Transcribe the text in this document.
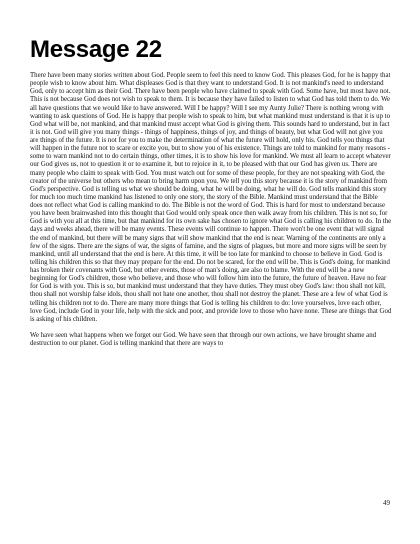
Message 22

There have been many stories written about God. People seem to feel this need to know God. This pleases God, for he is happy that people wish to know about him. What displeases God is that they want to understand God. It is not mankind's need to understand God, only to accept him as their God. There have been people who have claimed to speak with God. Some have, but most have not. This is not because God does not wish to speak to them. It is because they have failed to listen to what God has told them to do. We all have questions that we would like to have answered. Will I be happy? Will I see my Aunty Julie? There is nothing wrong with wanting to ask questions of God. He is happy that people wish to speak to him, but what mankind must understand is that it is up to God what will be, not mankind, and that mankind must accept what God is giving them. This sounds hard to understand, but in fact it is not. God will give you many things - things of happiness, things of joy, and things of beauty, but what God will not give you are things of the future. It is not for you to make the determination of what the future will hold, only his. God tells you things that will happen in the future not to scare or excite you, but to show you of his existence. Things are told to mankind for many reasons - some to warn mankind not to do certain things, other times, it is to show his love for mankind. We must all learn to accept whatever our God gives us, not to question it or to examine it, but to rejoice in it, to be pleased with that our God has given us. There are many people who claim to speak with God. You must watch out for some of these people, for they are not speaking with God, the creator of the universe but others who mean to bring harm upon you. We tell you this story because it is the story of mankind from God's perspective. God is telling us what we should be doing, what he will be doing, what he will do. God tells mankind this story for much too much time mankind has listened to only one story, the story of the Bible. Mankind must understand that the Bible does not reflect what God is calling mankind to do. The Bible is not the word of God. This is hard for most to understand because you have been brainwashed into this thought that God would only speak once then walk away from his children. This is not so, for God is with you all at this time, but that mankind for its own sake has chosen to ignore what God is calling his children to do. In the days and weeks ahead, there will be many events. These events will continue to happen. There won't be one event that will signal the end of mankind, but there will be many signs that will show mankind that the end is near. Warning of the continents are only a few of the signs. There are the signs of war, the signs of famine, and the signs of plagues, but more and more signs will be seen by mankind, until all understand that the end is here. At this time, it will be too late for mankind to choose to believe in God. God is telling his children this so that they may prepare for the end. Do not be scared, for the end will be. This is God's doing, for mankind has broken their covenants with God, but other events, those of man's doing, are also to blame. With the end will be a new beginning for God's children, those who believe, and those who will follow him into the future, the future of heaven. Have no fear for God is with you. This is so, but mankind must understand that they have duties. They must obey God's law: thou shall not kill, thou shall not worship false idols, thou shall not hate one another, thou shall not destroy the planet. These are a few of what God is telling his children not to do. There are many more things that God is telling his children to do: love yourselves, love each other, love God, include God in your life, help with the sick and poor, and provide love to those who have none. These are things that God is asking of his children.

We have seen what happens when we forget our God. We have seen that through our own actions, we have brought shame and destruction to our planet. God is telling mankind that there are ways to

49
